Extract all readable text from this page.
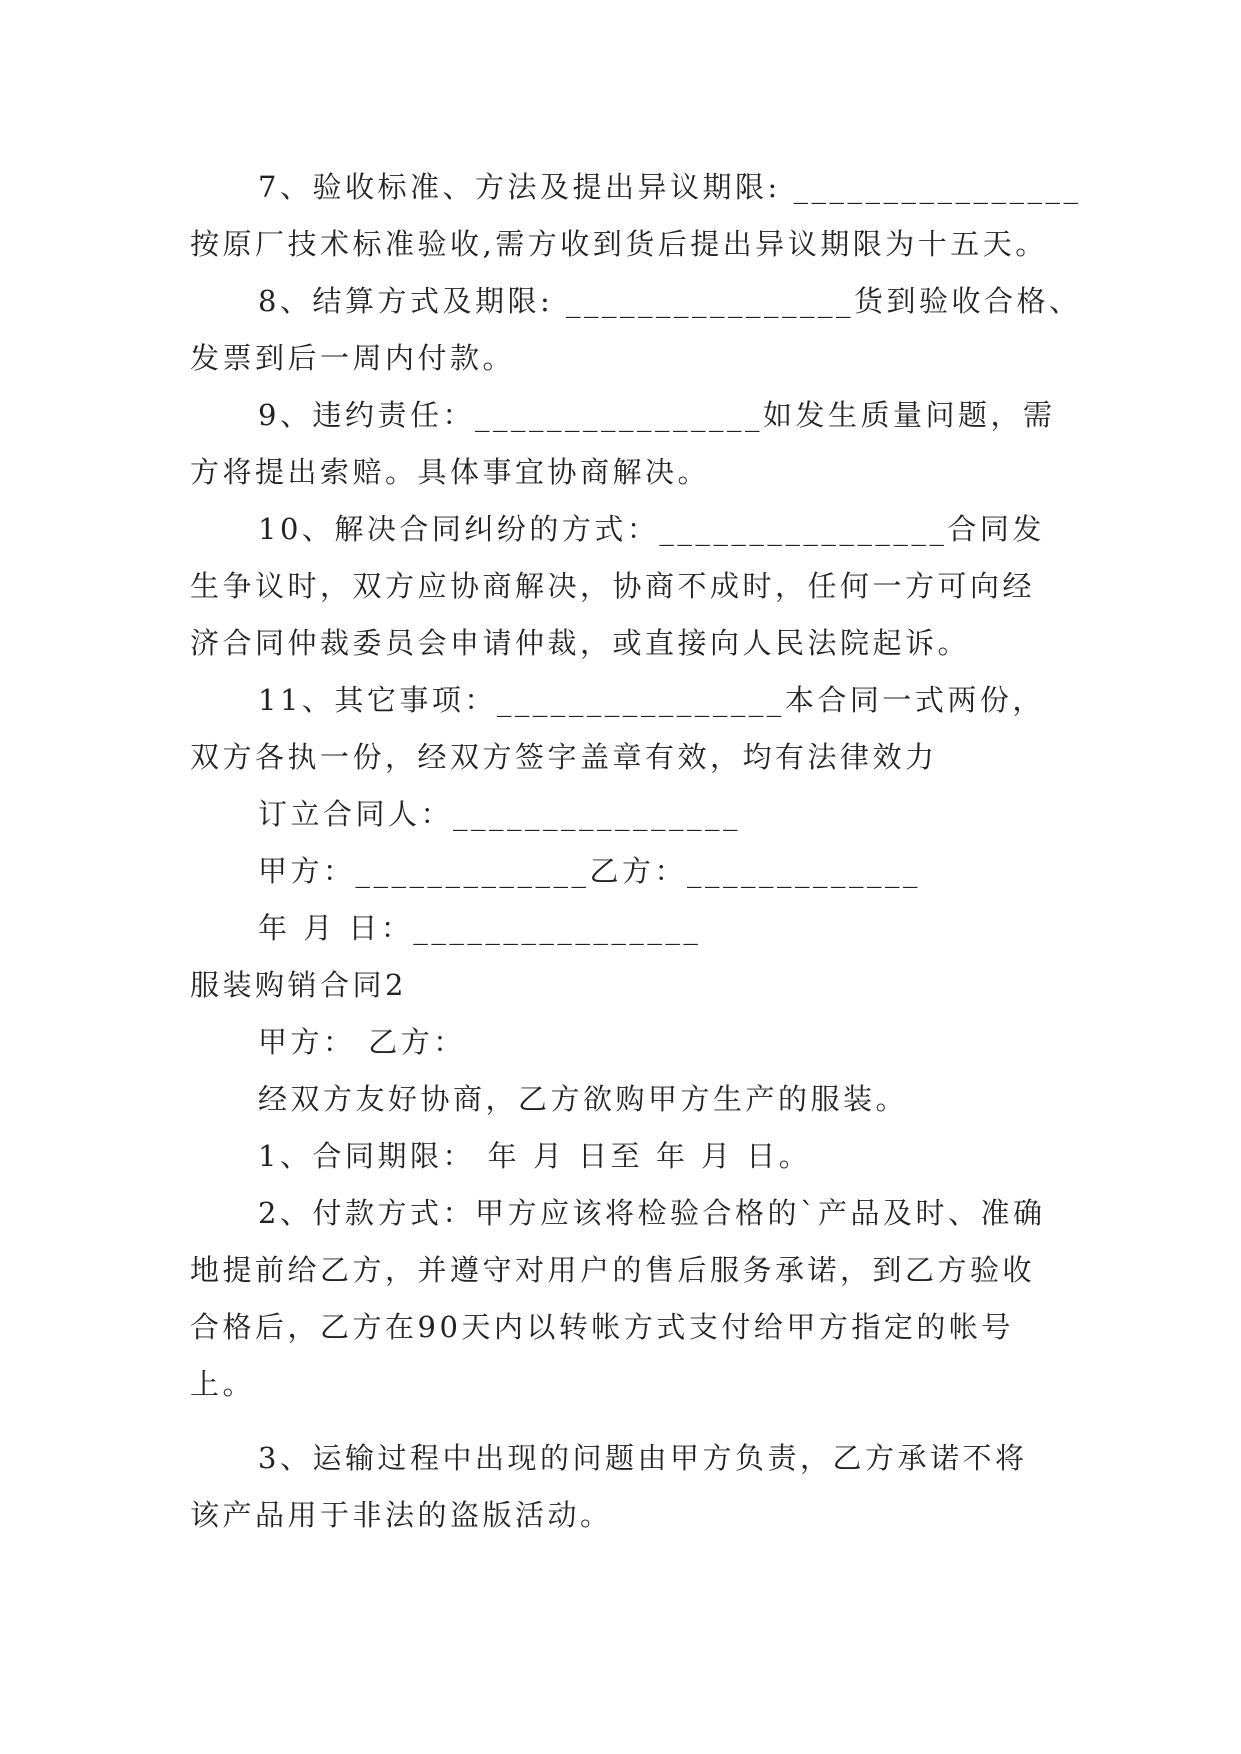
7、验收标准、方法及提出异议期限: ________________
按原厂技术标准验收,需方收到货后提出异议期限为十五天。
8、结算方式及期限: ________________货到验收合格、
发票到后一周内付款。
9、违约责任：________________如发生质量问题，需
方将提出索赔。具体事宜协商解决。
10、解决合同纠纷的方式：________________合同发
生争议时，双方应协商解决，协商不成时，任何一方可向经
济合同仲裁委员会申请仲裁，或直接向人民法院起诉。
11、其它事项：________________本合同一式两份，
双方各执一份，经双方签字盖章有效，均有法律效力
订立合同人：________________
甲方：_____________乙方：_____________
年 月 日：________________
服装购销合同2
甲方： 乙方：
经双方友好协商，乙方欲购甲方生产的服装。
1、合同期限： 年 月 日至 年 月 日。
2、付款方式：甲方应该将检验合格的`产品及时、准确
地提前给乙方，并遵守对用户的售后服务承诺，到乙方验收
合格后，乙方在90天内以转帐方式支付给甲方指定的帐号
上。
3、运输过程中出现的问题由甲方负责，乙方承诺不将
该产品用于非法的盗版活动。
